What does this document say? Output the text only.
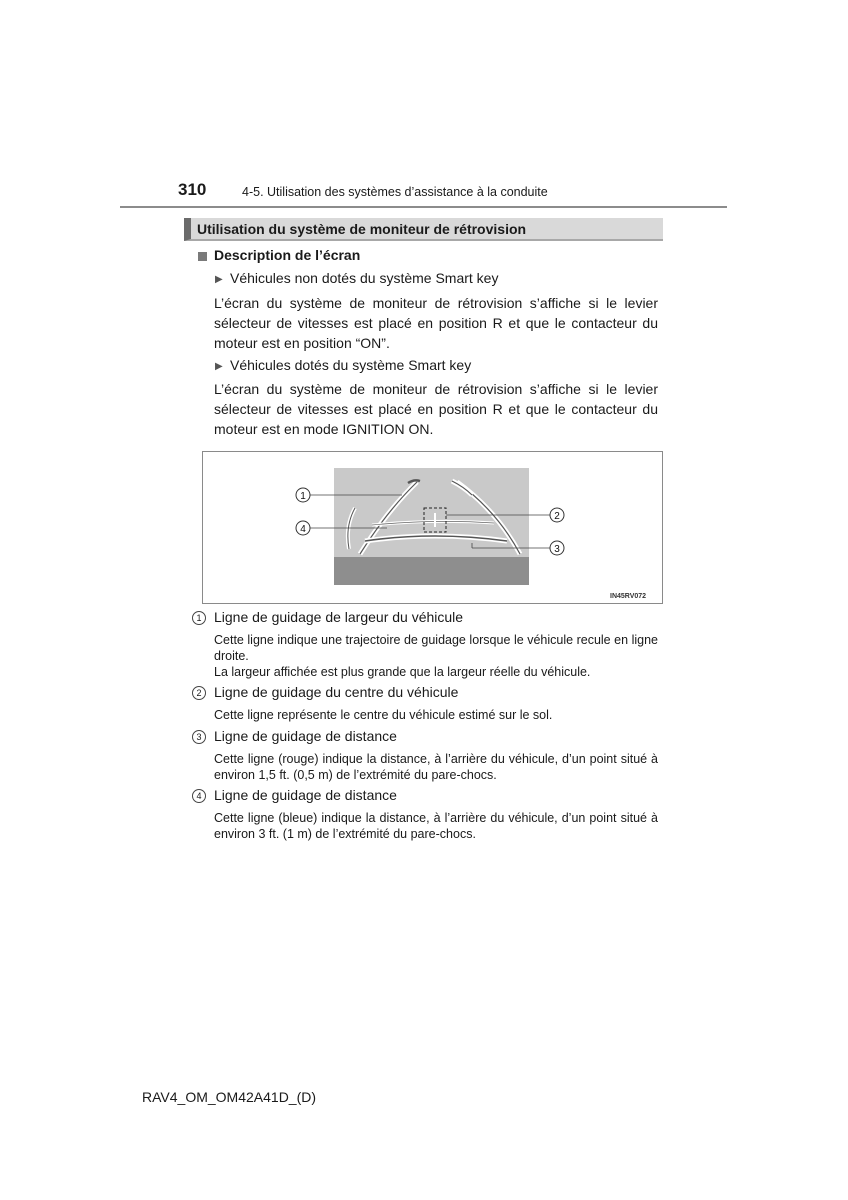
310	4-5. Utilisation des systèmes d’assistance à la conduite
Utilisation du système de moniteur de rétrovision
Description de l’écran
▶ Véhicules non dotés du système Smart key
L’écran du système de moniteur de rétrovision s’affiche si le levier sélecteur de vitesses est placé en position R et que le contacteur du moteur est en position “ON”.
▶ Véhicules dotés du système Smart key
L’écran du système de moniteur de rétrovision s’affiche si le levier sélecteur de vitesses est placé en position R et que le contacteur du moteur est en mode IGNITION ON.
1
4
2
3
IN45RV072
1 Ligne de guidage de largeur du véhicule
Cette ligne indique une trajectoire de guidage lorsque le véhicule recule en ligne droite.
La largeur affichée est plus grande que la largeur réelle du véhicule.
2 Ligne de guidage du centre du véhicule
Cette ligne représente le centre du véhicule estimé sur le sol.
3 Ligne de guidage de distance
Cette ligne (rouge) indique la distance, à l’arrière du véhicule, d’un point situé à environ 1,5 ft. (0,5 m) de l’extrémité du pare-chocs.
4 Ligne de guidage de distance
Cette ligne (bleue) indique la distance, à l’arrière du véhicule, d’un point situé à environ 3 ft. (1 m) de l’extrémité du pare-chocs.
RAV4_OM_OM42A41D_(D)
